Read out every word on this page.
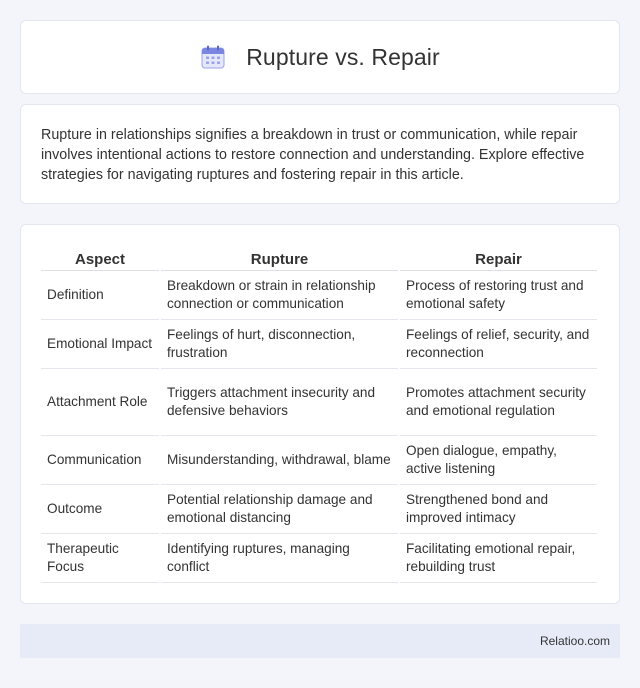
Rupture vs. Repair

Rupture in relationships signifies a breakdown in trust or communication, while repair involves intentional actions to restore connection and understanding. Explore effective strategies for navigating ruptures and fostering repair in this article.

Aspect	Rupture	Repair
Definition	Breakdown or strain in relationship connection or communication	Process of restoring trust and emotional safety
Emotional Impact	Feelings of hurt, disconnection, frustration	Feelings of relief, security, and reconnection
Attachment Role	Triggers attachment insecurity and defensive behaviors	Promotes attachment security and emotional regulation
Communication	Misunderstanding, withdrawal, blame	Open dialogue, empathy, active listening
Outcome	Potential relationship damage and emotional distancing	Strengthened bond and improved intimacy
Therapeutic Focus	Identifying ruptures, managing conflict	Facilitating emotional repair, rebuilding trust
Relatioo.com
